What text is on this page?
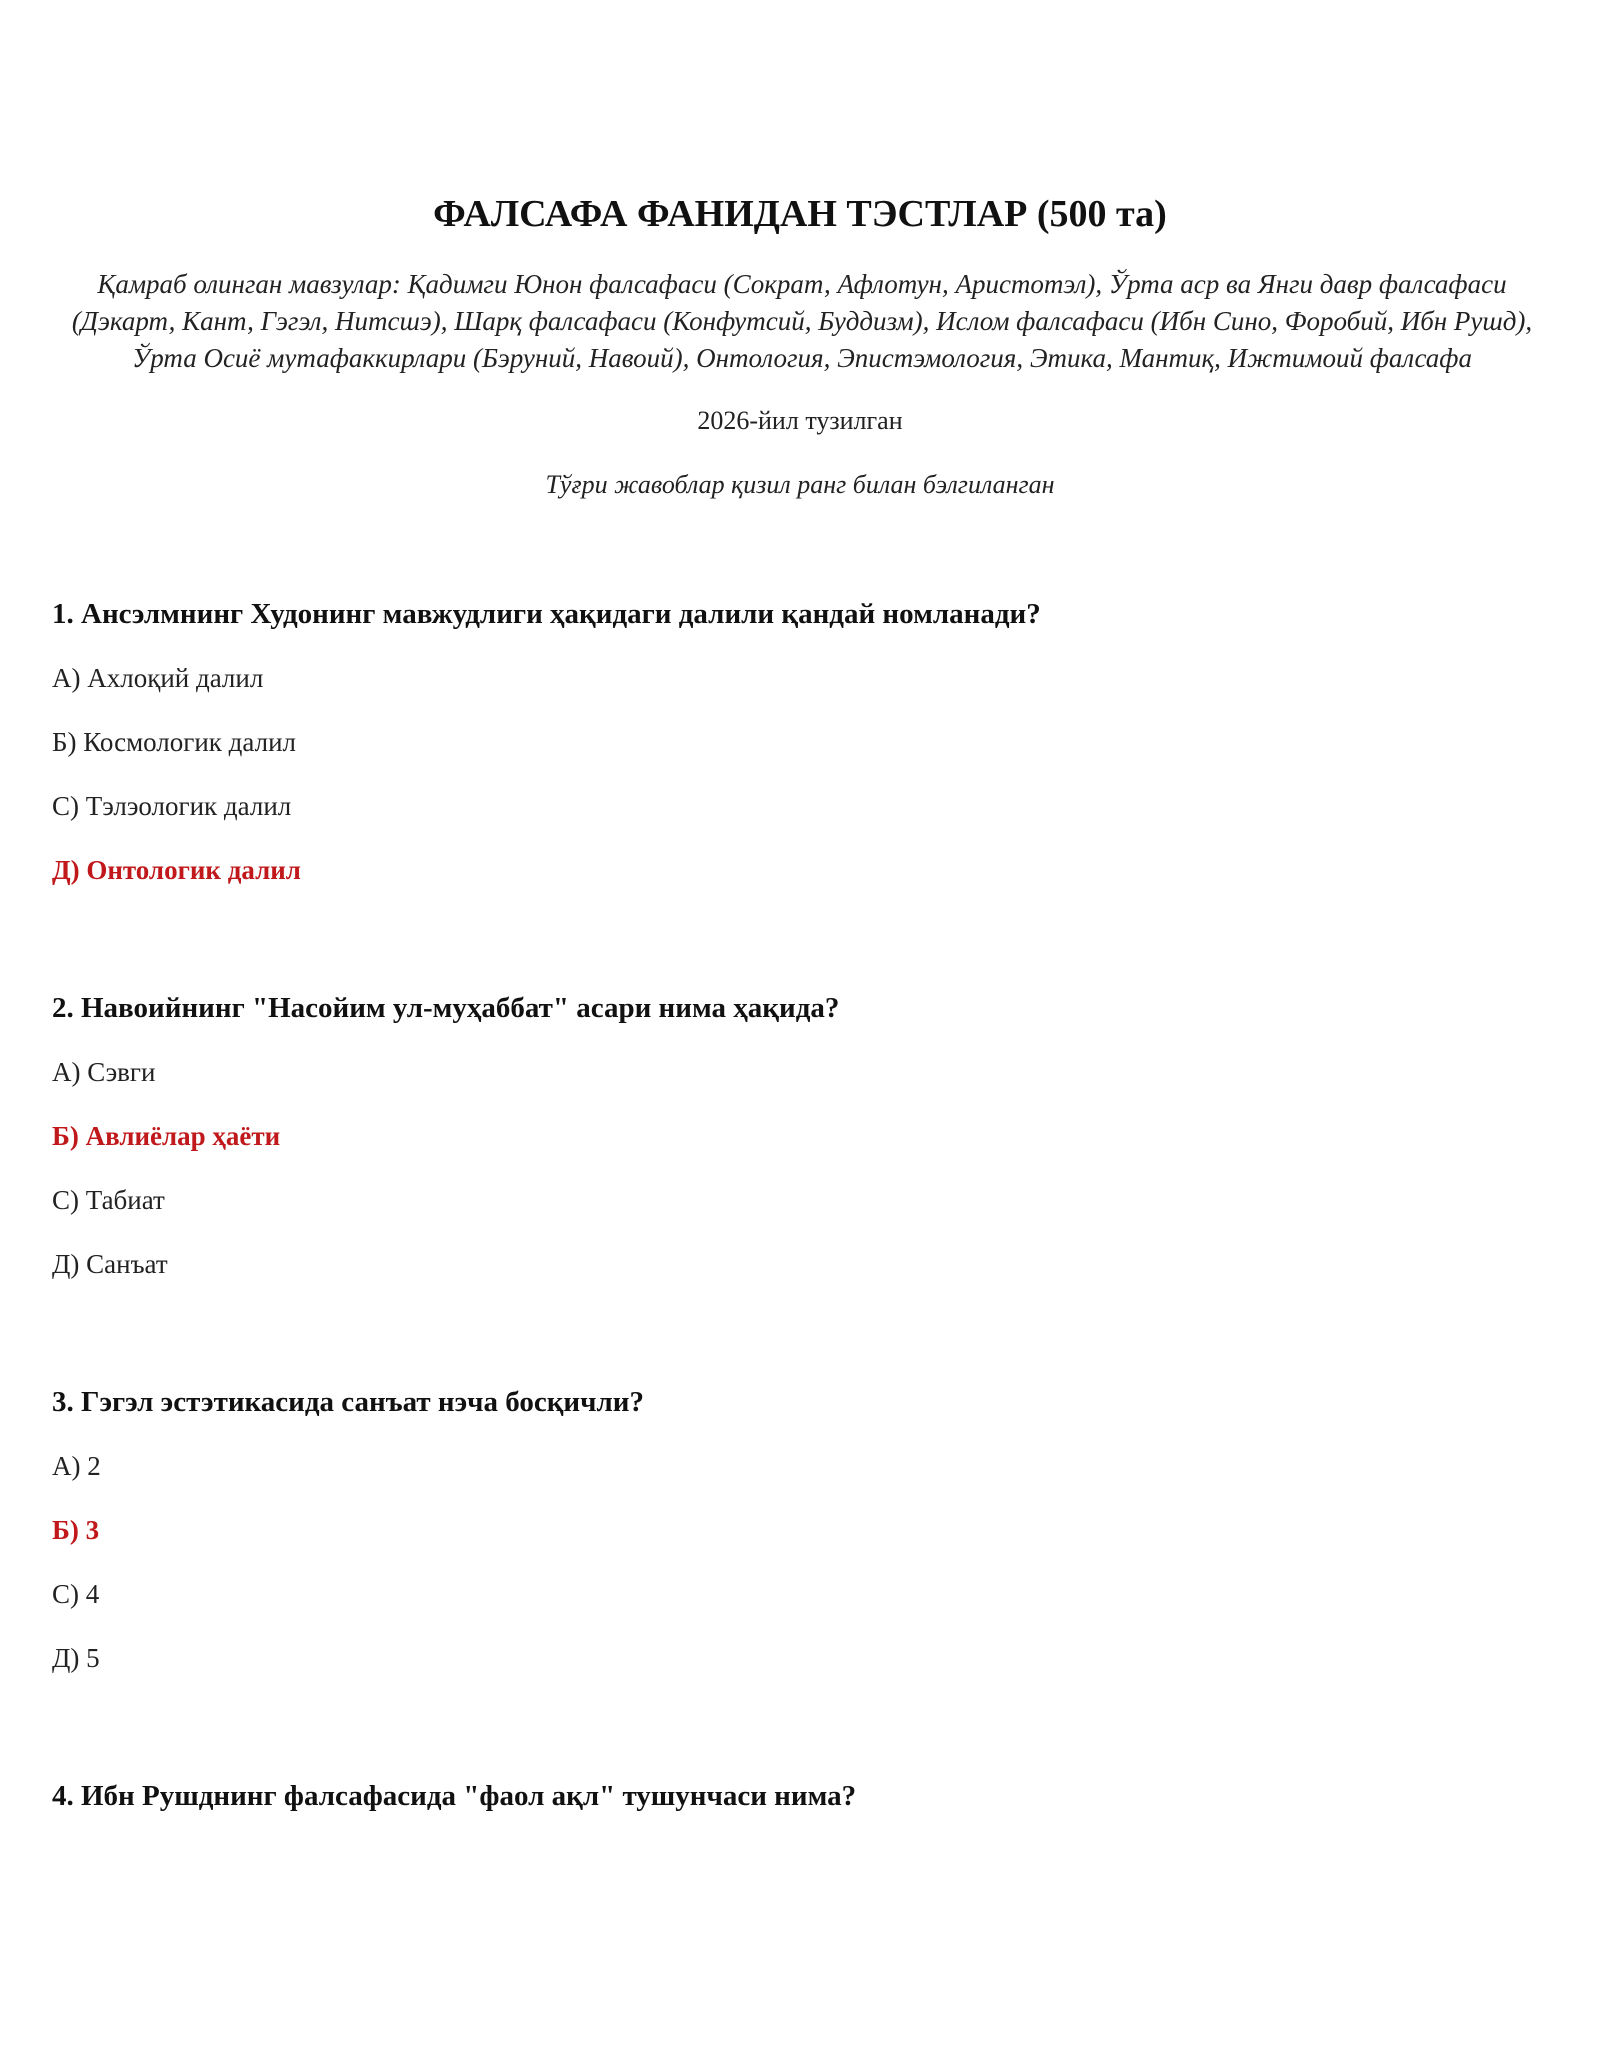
ФАЛСАФА ФАНИДАН ТЭСТЛАР (500 та)
Қамраб олинган мавзулар: Қадимги Юнон фалсафаси (Сократ, Афлотун, Аристотэл), Ўрта аср ва Янги давр фалсафаси (Дэкарт, Кант, Гэгэл, Нитсшэ), Шарқ фалсафаси (Конфутсий, Буддизм), Ислом фалсафаси (Ибн Сино, Форобий, Ибн Рушд), Ўрта Осиё мутафаккирлари (Бэруний, Навоий), Онтология, Эпистэмология, Этика, Мантиқ, Ижтимоий фалсафа
2026-йил тузилган
Тўғри жавоблар қизил ранг билан бэлгиланган
1. Ансэлмнинг Худонинг мавжудлиги ҳақидаги далили қандай номланади?
А) Ахлоқий далил
Б) Космологик далил
С) Тэлэологик далил
Д) Онтологик далил
2. Навоийнинг "Насойим ул-муҳаббат" асари нима ҳақида?
А) Сэвги
Б) Авлиёлар ҳаёти
С) Табиат
Д) Санъат
3. Гэгэл эстэтикасида санъат нэча босқичли?
А) 2
Б) 3
С) 4
Д) 5
4. Ибн Рушднинг фалсафасида "фаол ақл" тушунчаси нима?
